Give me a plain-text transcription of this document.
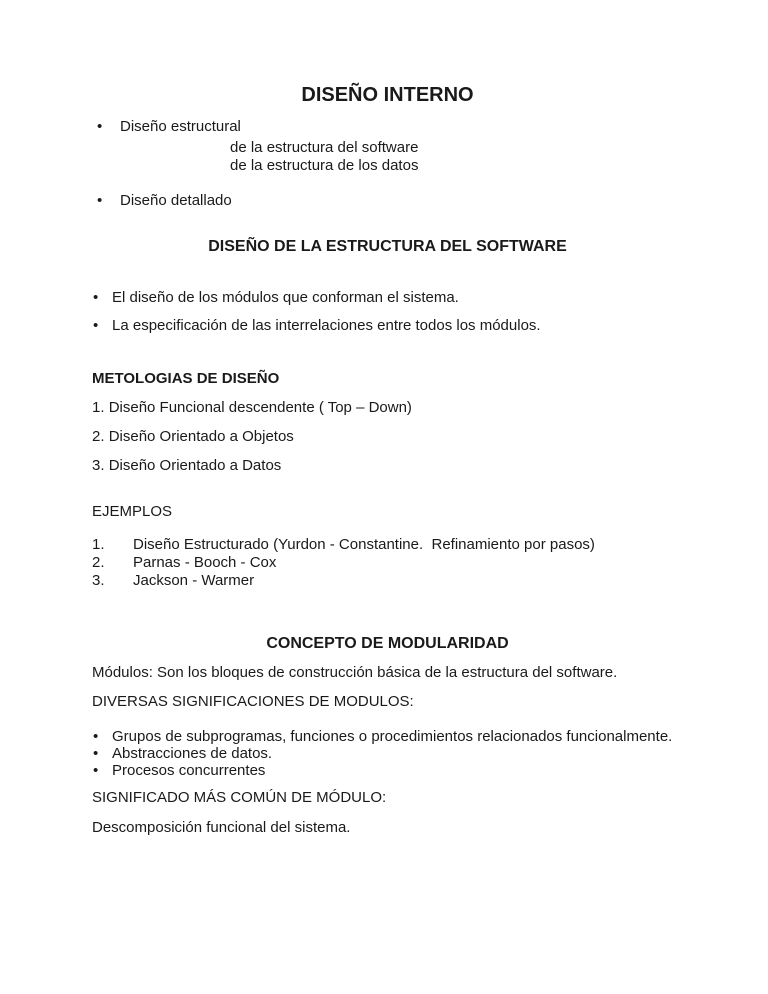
DISEÑO INTERNO
• Diseño estructural
de la estructura del software
de la estructura de los datos
• Diseño detallado
DISEÑO DE LA ESTRUCTURA DEL SOFTWARE
• El diseño de los módulos que conforman el sistema.
• La especificación de las interrelaciones entre todos los módulos.
METOLOGIAS DE DISEÑO
1. Diseño Funcional descendente ( Top – Down)
2. Diseño Orientado a Objetos
3. Diseño Orientado a Datos
EJEMPLOS
1.	Diseño Estructurado (Yurdon - Constantine.  Refinamiento por pasos)
2.	Parnas - Booch - Cox
3.	Jackson - Warmer
CONCEPTO DE MODULARIDAD
Módulos: Son los bloques de construcción básica de la estructura del software.
DIVERSAS SIGNIFICACIONES DE MODULOS:
• Grupos de subprogramas, funciones o procedimientos relacionados funcionalmente.
• Abstracciones de datos.
• Procesos concurrentes
SIGNIFICADO MÁS COMÚN DE MÓDULO:
Descomposición funcional del sistema.
